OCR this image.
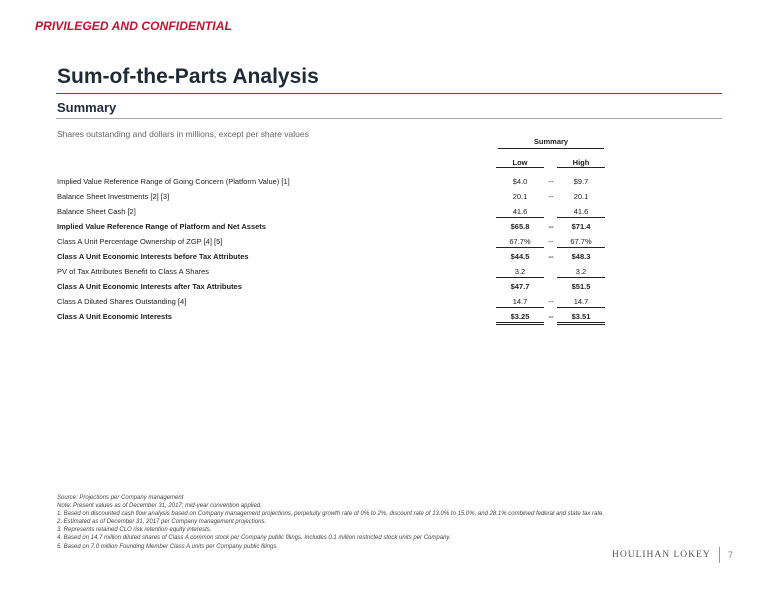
PRIVILEGED AND CONFIDENTIAL
Sum-of-the-Parts Analysis
Summary
Shares outstanding and dollars in millions, except per share values
Summary
Low	High
Implied Value Reference Range of Going Concern (Platform Value) [1]	$4.0	--	$9.7
Balance Sheet Investments [2] [3]	20.1	--	20.1
Balance Sheet Cash [2]	41.6	41.6
Implied Value Reference Range of Platform and Net Assets	$65.8	--	$71.4
Class A Unit Percentage Ownership of ZGP [4] [5]	67.7%	--	67.7%
Class A Unit Economic Interests before Tax Attributes	$44.5	--	$48.3
PV of Tax Attributes Benefit to Class A Shares	3.2	3.2
Class A Unit Economic Interests after Tax Attributes	$47.7	$51.5
Class A Diluted Shares Outstanding [4]	14.7	--	14.7
Class A Unit Economic Interests	$3.25	--	$3.51
Source: Projections per Company management
Note: Present values as of December 31, 2017; mid-year convention applied.
1. Based on discounted cash flow analysis based on Company management projections, perpetuity growth rate of 0% to 2%, discount rate of 13.0% to 15.0%, and 28.1% combined federal and state tax rate.
2. Estimated as of December 31, 2017 per Company management projections.
3. Represents retained CLO risk retention equity interests.
4. Based on 14.7 million diluted shares of Class A common stock per Company public filings. Includes 0.1 million restricted stock units per Company.
5. Based on 7.0 million Founding Member Class A units per Company public filings.
HOULIHAN LOKEY 7
